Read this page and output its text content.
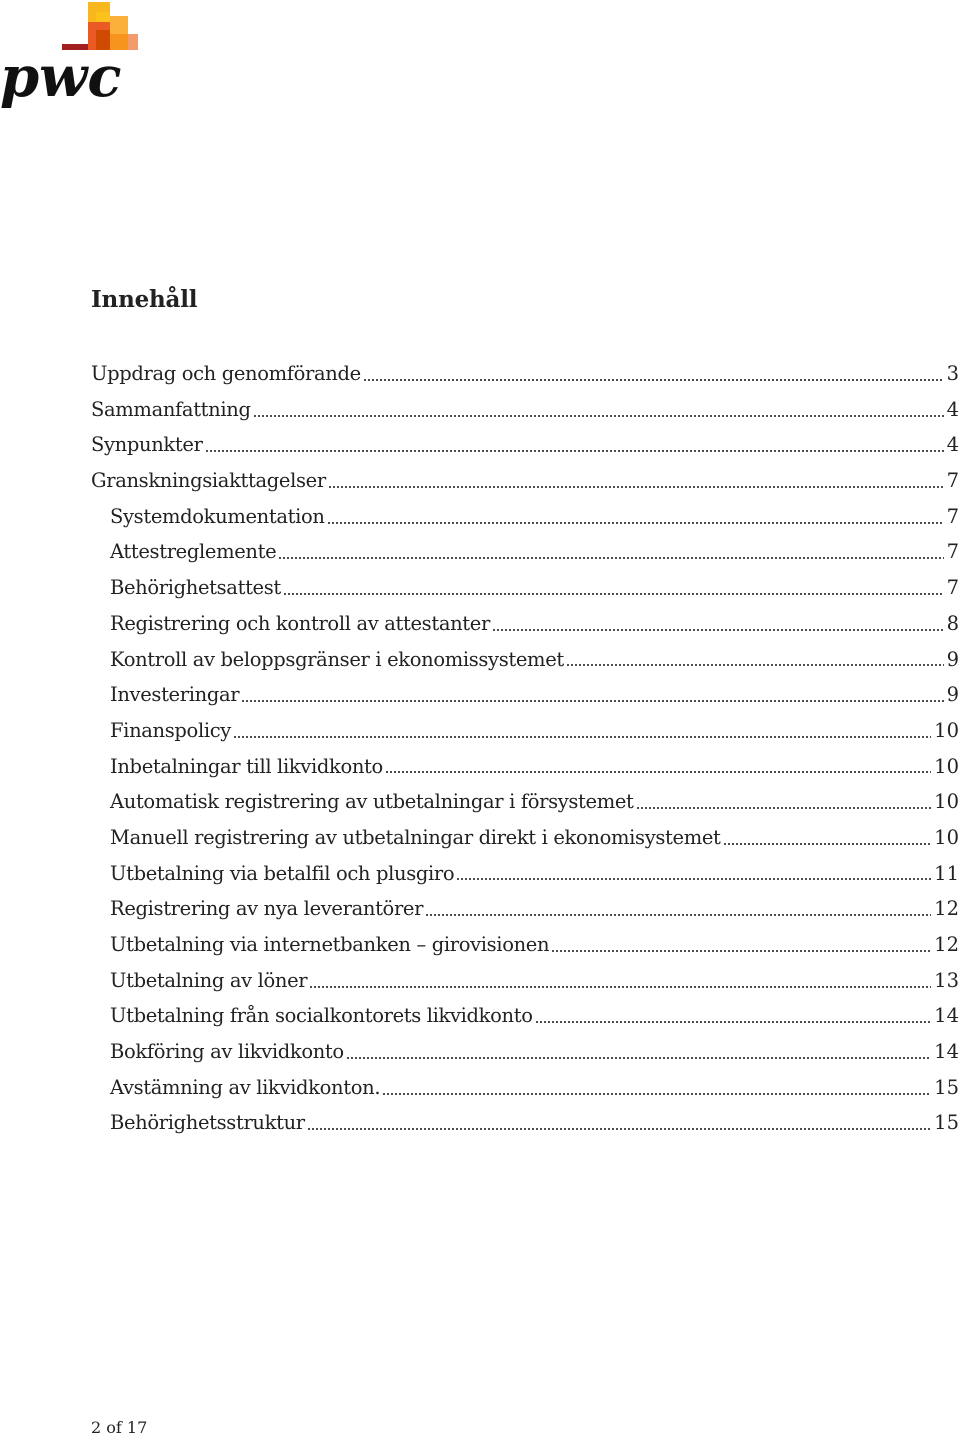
pwc
Innehåll
Uppdrag och genomförande	3
Sammanfattning	4
Synpunkter	4
Granskningsiakttagelser	7
Systemdokumentation	7
Attestreglemente	7
Behörighetsattest	7
Registrering och kontroll av attestanter	8
Kontroll av beloppsgränser i ekonomissystemet	9
Investeringar	9
Finanspolicy	10
Inbetalningar till likvidkonto	10
Automatisk registrering av utbetalningar i försystemet	10
Manuell registrering av utbetalningar direkt i ekonomisystemet	10
Utbetalning via betalfil och plusgiro	11
Registrering av nya leverantörer	12
Utbetalning via internetbanken – girovisionen	12
Utbetalning av löner	13
Utbetalning från socialkontorets likvidkonto	14
Bokföring av likvidkonto	14
Avstämning av likvidkonton.	15
Behörighetsstruktur	15
2 of 17
